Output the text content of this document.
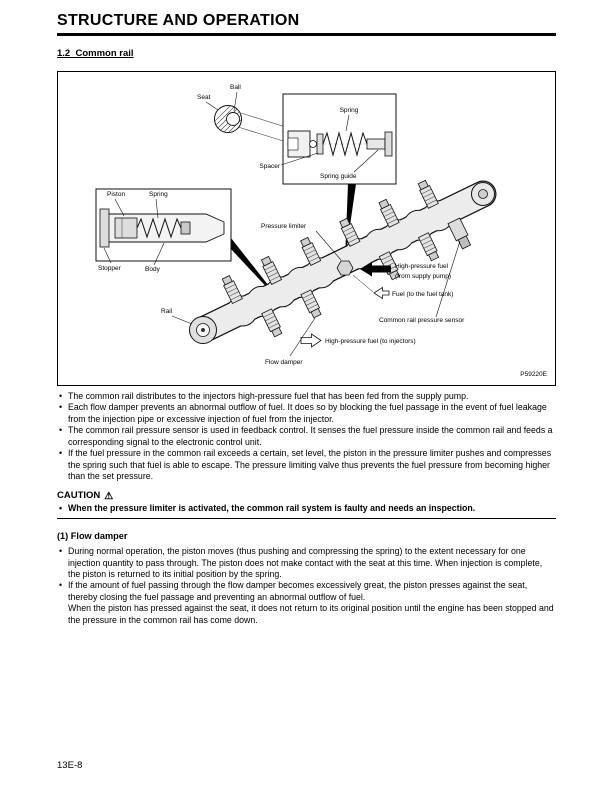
STRUCTURE AND OPERATION
1.2  Common rail
Ball
Seat
Spring
Spacer
Spring guide
Piston	Spring
Stopper	Body
Pressure limiter
High-pressure fuel
(from supply pump)
Fuel (to the fuel tank)
Common rail pressure sensor
High-pressure fuel (to injectors)
Rail
Flow damper
P59220E
• The common rail distributes to the injectors high-pressure fuel that has been fed from the supply pump.
• Each flow damper prevents an abnormal outflow of fuel. It does so by blocking the fuel passage in the event of fuel leakage from the injection pipe or excessive injection of fuel from the injector.
• The common rail pressure sensor is used in feedback control. It senses the fuel pressure inside the common rail and feeds a corresponding signal to the electronic control unit.
• If the fuel pressure in the common rail exceeds a certain, set level, the piston in the pressure limiter pushes and compresses the spring such that fuel is able to escape. The pressure limiting valve thus prevents the fuel pressure from becoming higher than the set pressure.
CAUTION ⚠
• When the pressure limiter is activated, the common rail system is faulty and needs an inspection.
(1) Flow damper
• During normal operation, the piston moves (thus pushing and compressing the spring) to the extent necessary for one injection quantity to pass through. The piston does not make contact with the seat at this time. When injection is complete, the piston is returned to its initial position by the spring.
• If the amount of fuel passing through the flow damper becomes excessively great, the piston presses against the seat, thereby closing the fuel passage and preventing an abnormal outflow of fuel.
When the piston has pressed against the seat, it does not return to its original position until the engine has been stopped and the pressure in the common rail has come down.
13E-8
